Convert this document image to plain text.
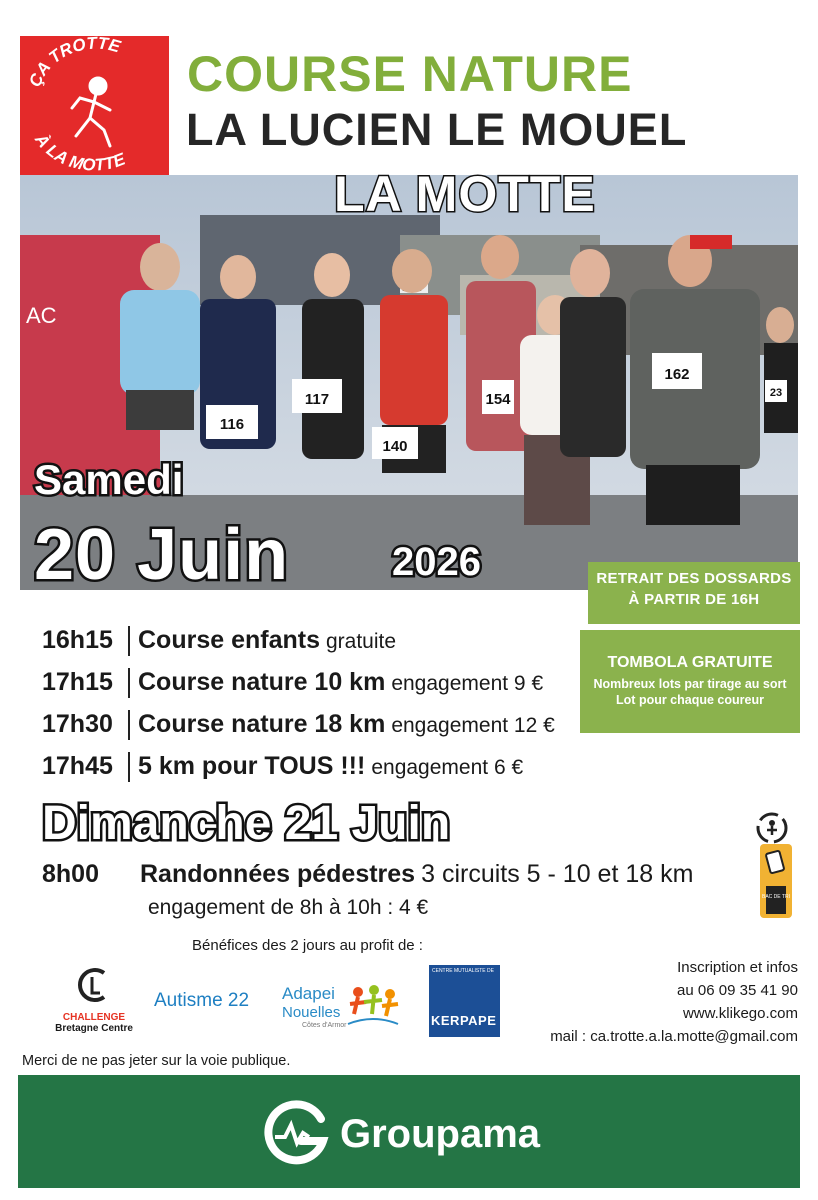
ÇA TROTTE
À LA MOTTE
COURSE NATURE
LA LUCIEN LE MOUEL
LA MOTTE
AC
116
117
140
154
162
23
Samedi
20 Juin	2026	RETRAIT DES DOSSARDS
À PARTIR DE 16H
TOMBOLA GRATUITE
Nombreux lots par tirage au sort
Lot pour chaque coureur
16h15	Course enfants gratuite
17h15	Course nature 10 km engagement 9 €
17h30	Course nature 18 km engagement 12 €
17h45	5 km pour TOUS !!! engagement 6 €
Dimanche 21 Juin
8h00 Randonnées pédestres 3 circuits 5 - 10 et 18 km
engagement de 8h à 10h : 4 €	BAC DE TRI
Bénéfices des 2 jours au profit de :
CHALLENGE
Bretagne Centre
Autisme 22 Adapei
Nouelles
Côtes d'Armor
CENTRE MUTUALISTE DE
KERPAPE
Inscription et infos
au 06 09 35 41 90
www.klikego.com
mail : ca.trotte.a.la.motte@gmail.com
Merci de ne pas jeter sur la voie publique.
Groupama
